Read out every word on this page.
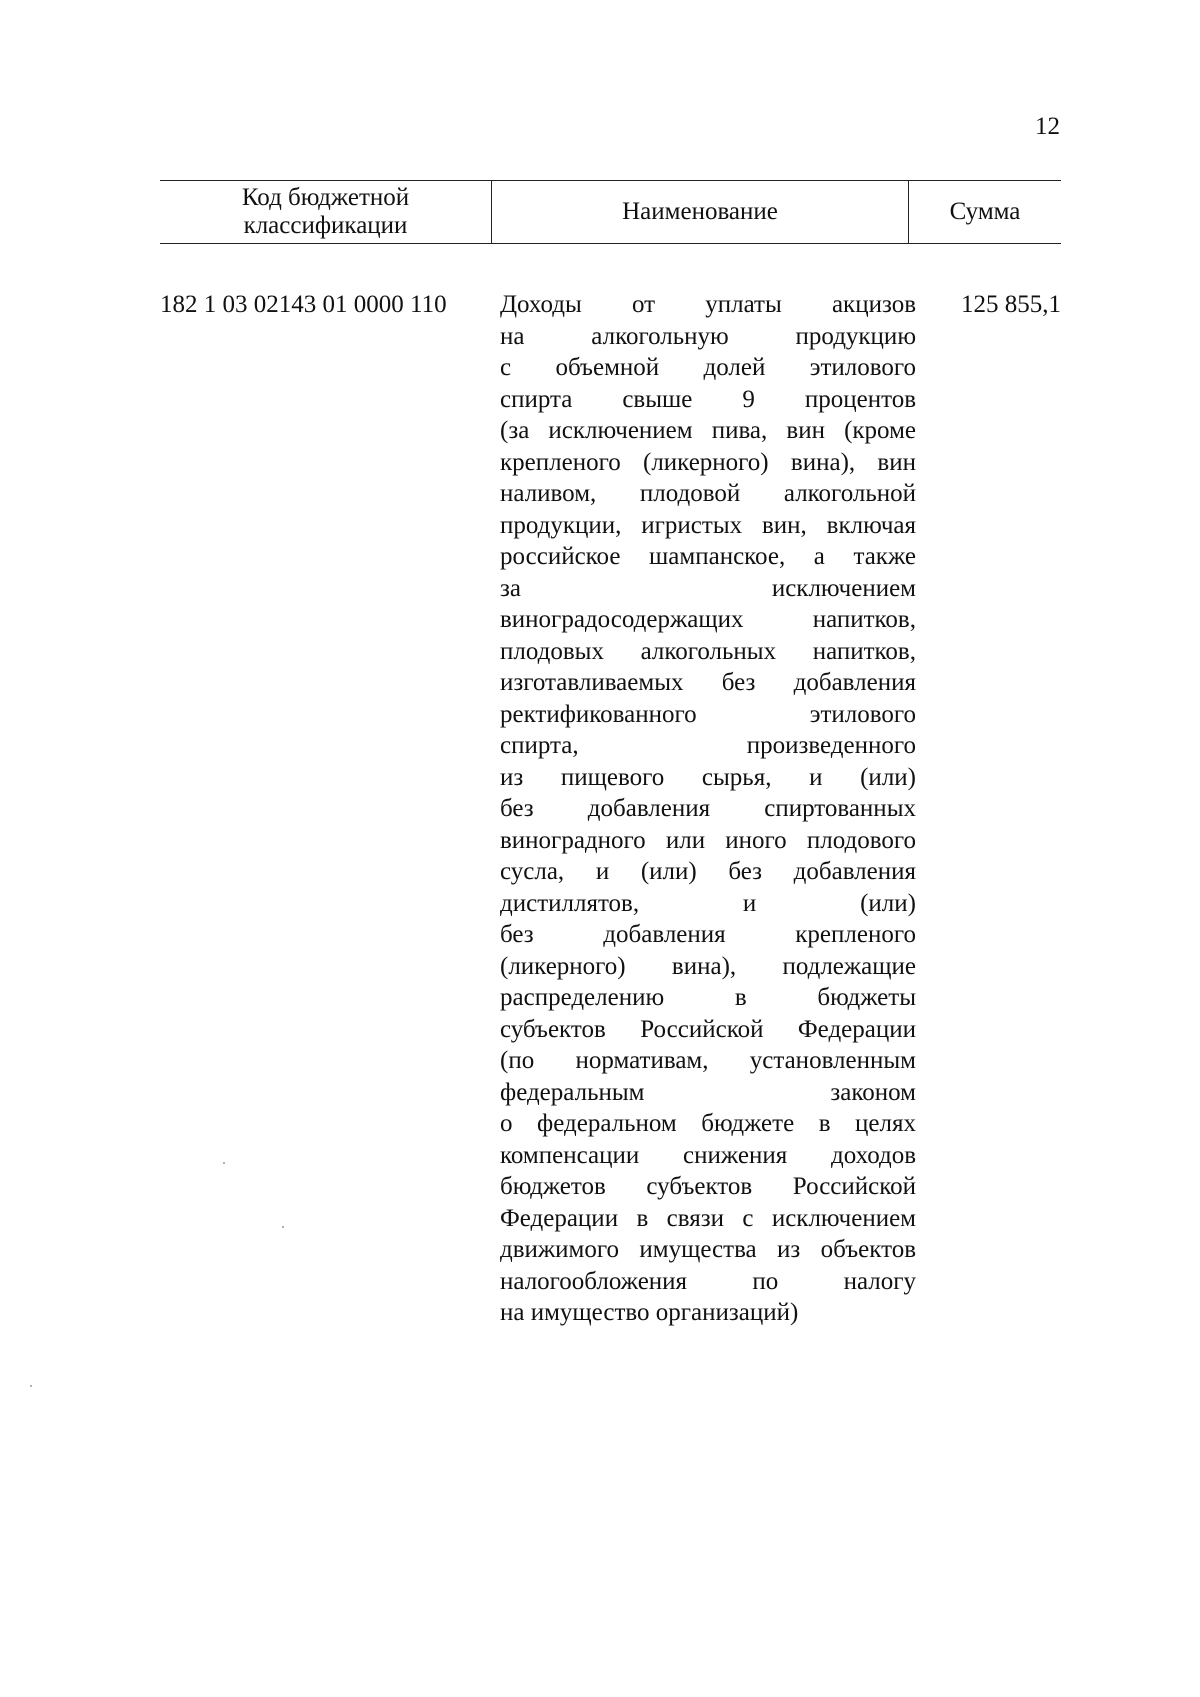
12
Код бюджетной классификации
Наименование	Сумма
182 1 03 02143 01 0000 110	Доходы от уплаты акцизов
на алкогольную продукцию
с объемной долей этилового
спирта свыше 9 процентов
(за исключением пива, вин (кроме
крепленого (ликерного) вина), вин
наливом, плодовой алкогольной
продукции, игристых вин, включая
российское шампанское, а также
за исключением
виноградосодержащих напитков,
плодовых алкогольных напитков,
изготавливаемых без добавления
ректификованного этилового
спирта, произведенного
из пищевого сырья, и (или)
без добавления спиртованных
виноградного или иного плодового
сусла, и (или) без добавления
дистиллятов, и (или)
без добавления крепленого
(ликерного) вина), подлежащие
распределению в бюджеты
субъектов Российской Федерации
(по нормативам, установленным
федеральным законом
о федеральном бюджете в целях
компенсации снижения доходов
бюджетов субъектов Российской
Федерации в связи с исключением
движимого имущества из объектов
налогообложения по налогу
на имущество организаций)
125 855,1
